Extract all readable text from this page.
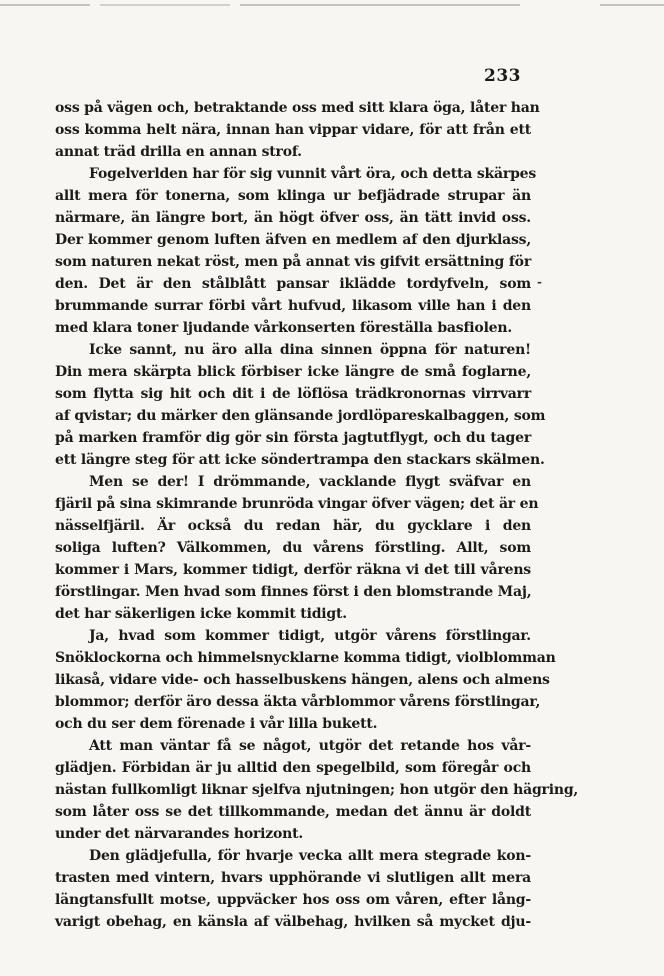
233
-
oss på vägen och, betraktande oss med sitt klara öga, låter han
oss komma helt nära, innan han vippar vidare, för att från ett
annat träd drilla en annan strof.
Fogelverlden har för sig vunnit vårt öra, och detta skärpes
allt mera för tonerna, som klinga ur befjädrade strupar än
närmare, än längre bort, än högt öfver oss, än tätt invid oss.
Der kommer genom luften äfven en medlem af den djurklass,
som naturen nekat röst, men på annat vis gifvit ersättning för
den. Det är den stålblått pansar iklädde tordyfveln, som
brummande surrar förbi vårt hufvud, likasom ville han i den
med klara toner ljudande vårkonserten föreställa basfiolen.
Icke sannt, nu äro alla dina sinnen öppna för naturen!
Din mera skärpta blick förbiser icke längre de små foglarne,
som flytta sig hit och dit i de löflösa trädkronornas virrvarr
af qvistar; du märker den glänsande jordlöpareskalbaggen, som
på marken framför dig gör sin första jagtutflygt, och du tager
ett längre steg för att icke söndertrampa den stackars skälmen.
Men se der! I drömmande, vacklande flygt sväfvar en
fjäril på sina skimrande brunröda vingar öfver vägen; det är en
nässelfjäril. Är också du redan här, du gycklare i den
soliga luften? Välkommen, du vårens förstling. Allt, som
kommer i Mars, kommer tidigt, derför räkna vi det till vårens
förstlingar. Men hvad som finnes först i den blomstrande Maj,
det har säkerligen icke kommit tidigt.
Ja, hvad som kommer tidigt, utgör vårens förstlingar.
Snöklockorna och himmelsnycklarne komma tidigt, violblomman
likaså, vidare vide- och hasselbuskens hängen, alens och almens
blommor; derför äro dessa äkta vårblommor vårens förstlingar,
och du ser dem förenade i vår lilla bukett.
Att man väntar få se något, utgör det retande hos vår-
glädjen. Förbidan är ju alltid den spegelbild, som föregår och
nästan fullkomligt liknar sjelfva njutningen; hon utgör den hägring,
som låter oss se det tillkommande, medan det ännu är doldt
under det närvarandes horizont.
Den glädjefulla, för hvarje vecka allt mera stegrade kon-
trasten med vintern, hvars upphörande vi slutligen allt mera
längtansfullt motse, uppväcker hos oss om våren, efter lång-
varigt obehag, en känsla af välbehag, hvilken så mycket dju-
